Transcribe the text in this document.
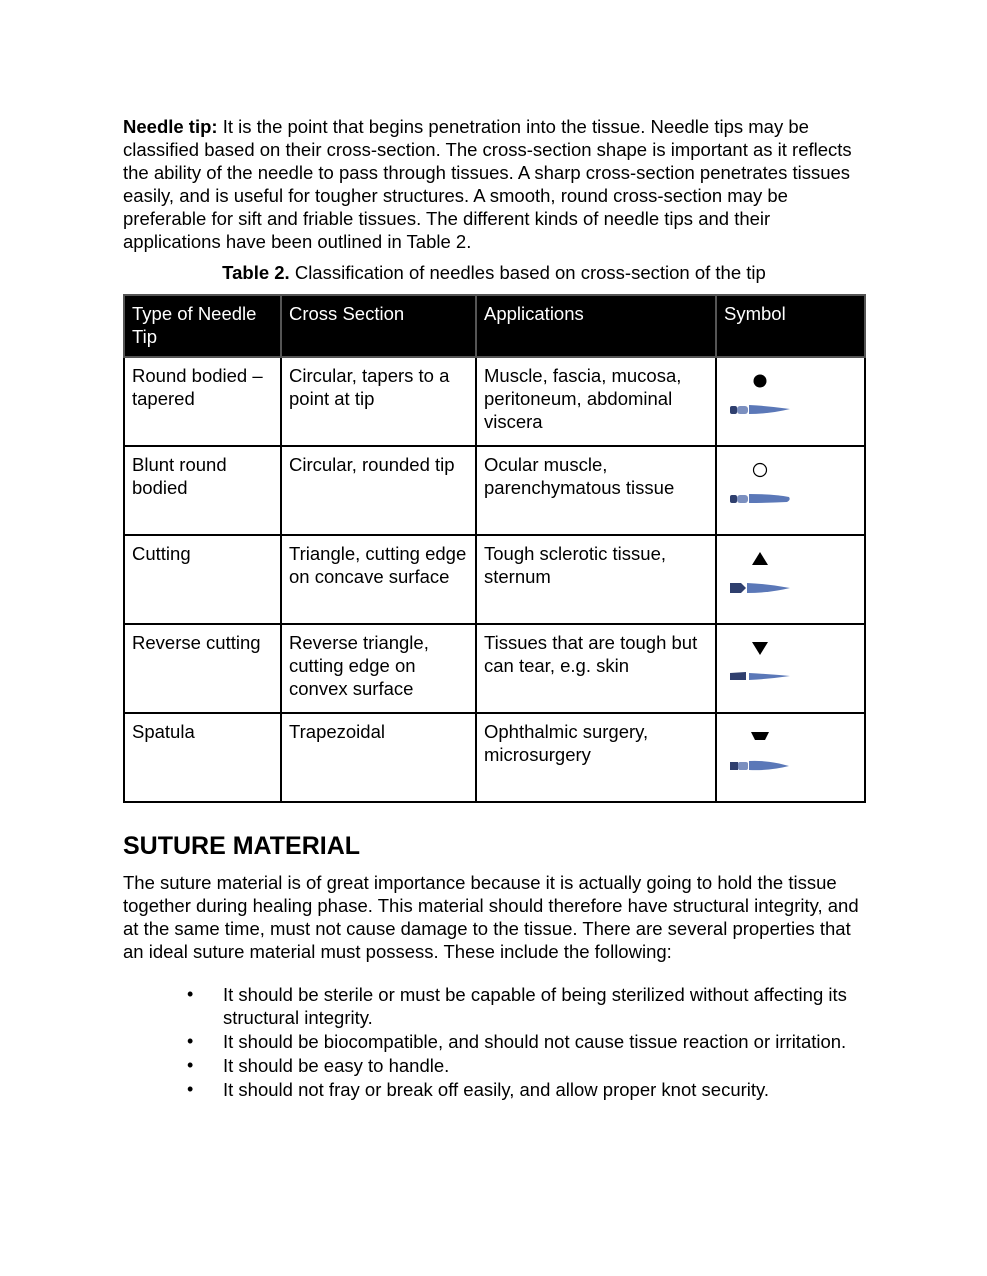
Needle tip: It is the point that begins penetration into the tissue. Needle tips may be classified based on their cross-section. The cross-section shape is important as it reflects the ability of the needle to pass through tissues. A sharp cross-section penetrates tissues easily, and is useful for tougher structures. A smooth, round cross-section may be preferable for sift and friable tissues. The different kinds of needle tips and their applications have been outlined in Table 2.

Table 2. Classification of needles based on cross-section of the tip
Type of Needle Tip	Cross Section	Applications	Symbol
Round bodied – tapered	Circular, tapers to a point at tip	Muscle, fascia, mucosa, peritoneum, abdominal viscera	

Blunt round bodied	Circular, rounded tip	Ocular muscle, parenchymatous tissue	

Cutting	Triangle, cutting edge on concave surface	Tough sclerotic tissue, sternum	

Reverse cutting	Reverse triangle, cutting edge on convex surface	Tissues that are tough but can tear, e.g. skin	

Spatula	Trapezoidal	Ophthalmic surgery, microsurgery	
SUTURE MATERIAL

The suture material is of great importance because it is actually going to hold the tissue together during healing phase. This material should therefore have structural integrity, and at the same time, must not cause damage to the tissue. There are several properties that an ideal suture material must possess. These include the following:

• It should be sterile or must be capable of being sterilized without affecting its structural integrity.
• It should be biocompatible, and should not cause tissue reaction or irritation.
• It should be easy to handle.
• It should not fray or break off easily, and allow proper knot security.
